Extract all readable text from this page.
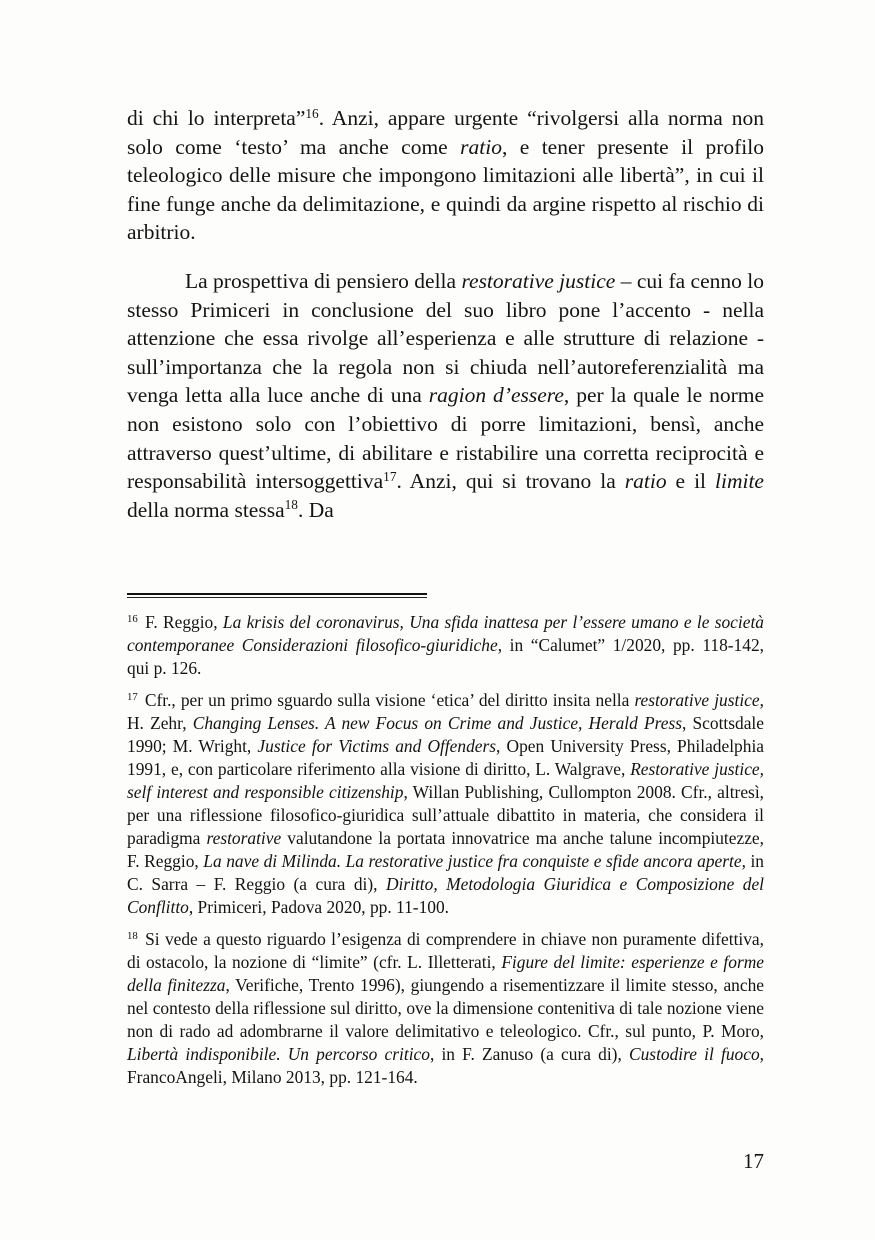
di chi lo interpreta”$^{16}$. Anzi, appare urgente “rivolgersi alla norma non solo come ‘testo’ ma anche come ratio, e tener presente il profilo teleologico delle misure che impongono limitazioni alle libertà”, in cui il fine funge anche da delimitazione, e quindi da argine rispetto al rischio di arbitrio.

La prospettiva di pensiero della restorative justice – cui fa cenno lo stesso Primiceri in conclusione del suo libro pone l’accento - nella attenzione che essa rivolge all’esperienza e alle strutture di relazione - sull’importanza che la regola non si chiuda nell’autoreferenzialità ma venga letta alla luce anche di una ragion d’essere, per la quale le norme non esistono solo con l’obiettivo di porre limitazioni, bensì, anche attraverso quest’ultime, di abilitare e ristabilire una corretta reciprocità e responsabilità intersoggettiva$^{17}$. Anzi, qui si trovano la ratio e il limite della norma stessa$^{18}$. Da

$^{16}$ F. Reggio, La krisis del coronavirus, Una sfida inattesa per l’essere umano e le società contemporanee Considerazioni filosofico-giuridiche, in “Calumet” 1/2020, pp. 118-142, qui p. 126.

$^{17}$ Cfr., per un primo sguardo sulla visione ‘etica’ del diritto insita nella restorative justice, H. Zehr, Changing Lenses. A new Focus on Crime and Justice, Herald Press, Scottsdale 1990; M. Wright, Justice for Victims and Offenders, Open University Press, Philadelphia 1991, e, con particolare riferimento alla visione di diritto, L. Walgrave, Restorative justice, self interest and responsible citizenship, Willan Publishing, Cullompton 2008. Cfr., altresì, per una riflessione filosofico-giuridica sull’attuale dibattito in materia, che considera il paradigma restorative valutandone la portata innovatrice ma anche talune incompiutezze, F. Reggio, La nave di Milinda. La restorative justice fra conquiste e sfide ancora aperte, in C. Sarra – F. Reggio (a cura di), Diritto, Metodologia Giuridica e Composizione del Conflitto, Primiceri, Padova 2020, pp. 11-100.

$^{18}$ Si vede a questo riguardo l’esigenza di comprendere in chiave non puramente difettiva, di ostacolo, la nozione di “limite” (cfr. L. Illetterati, Figure del limite: esperienze e forme della finitezza, Verifiche, Trento 1996), giungendo a risementizzare il limite stesso, anche nel contesto della riflessione sul diritto, ove la dimensione contenitiva di tale nozione viene non di rado ad adombrarne il valore delimitativo e teleologico. Cfr., sul punto, P. Moro, Libertà indisponibile. Un percorso critico, in F. Zanuso (a cura di), Custodire il fuoco, FrancoAngeli, Milano 2013, pp. 121-164.

17
